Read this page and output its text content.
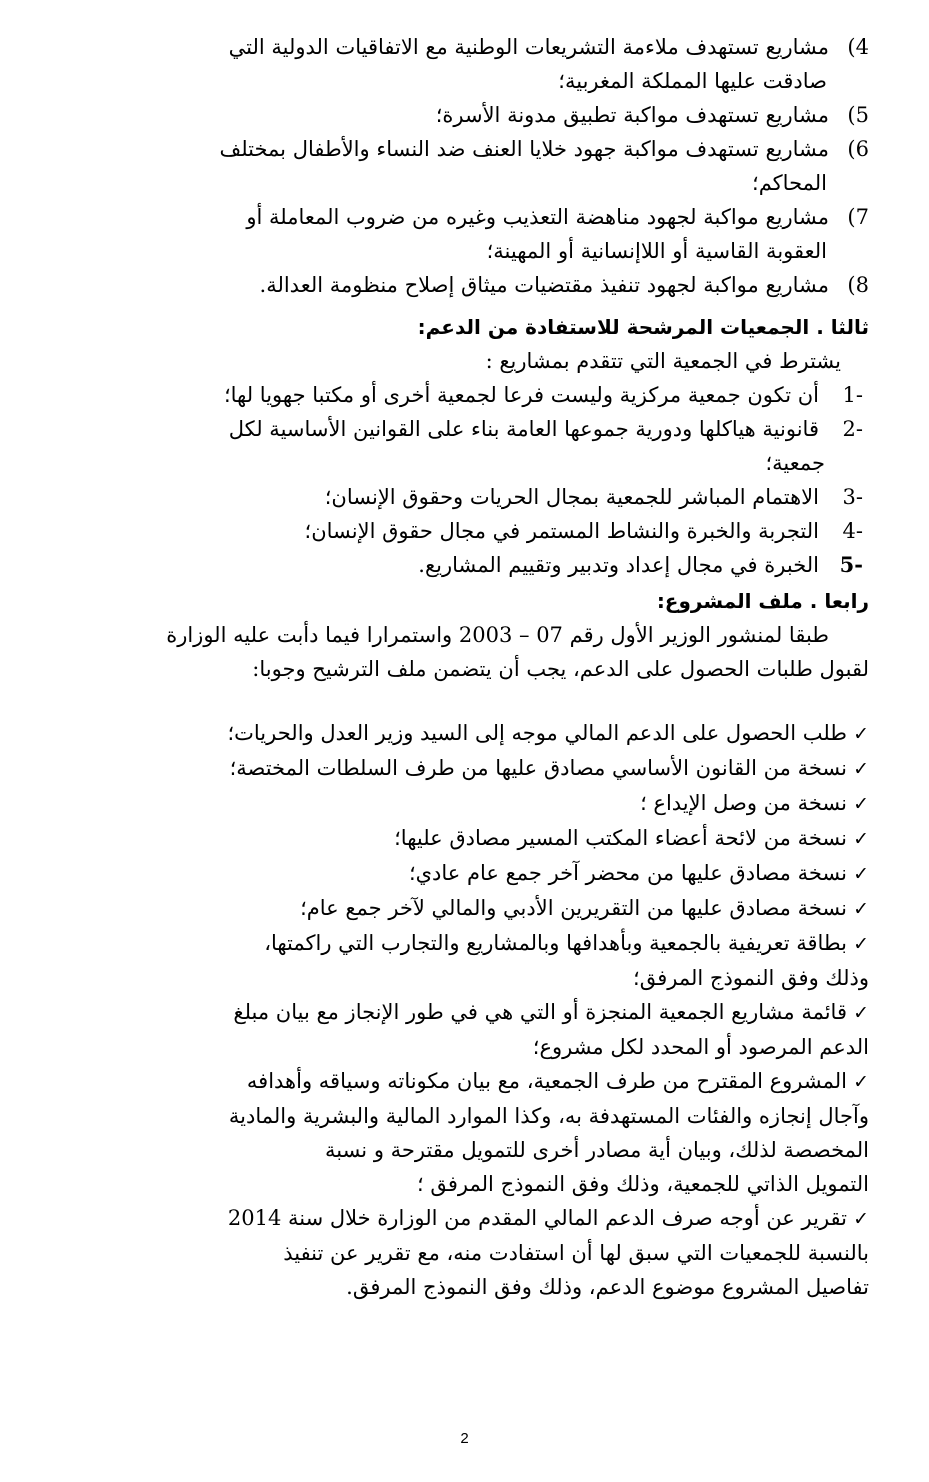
4)مشاريع تستهدف ملاءمة التشريعات الوطنية مع الاتفاقيات الدولية التي

صادقت عليها المملكة المغربية؛

5)مشاريع تستهدف مواكبة تطبيق مدونة الأسرة؛

6)مشاريع تستهدف مواكبة جهود خلايا العنف ضد النساء والأطفال بمختلف

المحاكم؛

7)مشاريع مواكبة لجهود مناهضة التعذيب وغيره من ضروب المعاملة أو

العقوبة القاسية أو اللاإنسانية أو المهينة؛

8)مشاريع مواكبة لجهود تنفيذ مقتضيات ميثاق إصلاح منظومة العدالة.

ثالثا . الجمعيات المرشحة للاستفادة من الدعم:

يشترط في الجمعية التي تتقدم بمشاريع :

-1أن تكون جمعية مركزية وليست فرعا لجمعية أخرى أو مكتبا جهويا لها؛

-2قانونية هياكلها ودورية جموعها العامة بناء على القوانين الأساسية لكل

جمعية؛

-3الاهتمام المباشر للجمعية بمجال الحريات وحقوق الإنسان؛

-4التجربة والخبرة والنشاط المستمر في مجال حقوق الإنسان؛

-5الخبرة في مجال إعداد وتدبير وتقييم المشاريع.

رابعا . ملف المشروع:

طبقا لمنشور الوزير الأول رقم 07 – 2003 واستمرارا فيما دأبت عليه الوزارة

لقبول طلبات الحصول على الدعم، يجب أن يتضمن ملف الترشيح وجوبا:

✓طلب الحصول على الدعم المالي موجه إلى السيد وزير العدل والحريات؛

✓نسخة من القانون الأساسي مصادق عليها من طرف السلطات المختصة؛

✓نسخة من وصل الإيداع ؛

✓نسخة من لائحة أعضاء المكتب المسير مصادق عليها؛

✓نسخة مصادق عليها من محضر آخر جمع عام عادي؛

✓نسخة مصادق عليها من التقريرين الأدبي والمالي لآخر جمع عام؛

✓بطاقة تعريفية بالجمعية وبأهدافها وبالمشاريع والتجارب التي راكمتها،

وذلك وفق النموذج المرفق؛

✓قائمة مشاريع الجمعية المنجزة أو التي هي في طور الإنجاز مع بيان مبلغ

الدعم المرصود أو المحدد لكل مشروع؛

✓المشروع المقترح من طرف الجمعية، مع بيان مكوناته وسياقه وأهدافه

وآجال إنجازه والفئات المستهدفة به، وكذا الموارد المالية والبشرية والمادية

المخصصة لذلك، وبيان أية مصادر أخرى للتمويل مقترحة و نسبة

التمويل الذاتي للجمعية، وذلك وفق النموذج المرفق ؛

✓تقرير عن أوجه صرف الدعم المالي المقدم من الوزارة خلال سنة 2014

بالنسبة للجمعيات التي سبق لها أن استفادت منه، مع تقرير عن تنفيذ

تفاصيل المشروع موضوع الدعم، وذلك وفق النموذج المرفق.

2
